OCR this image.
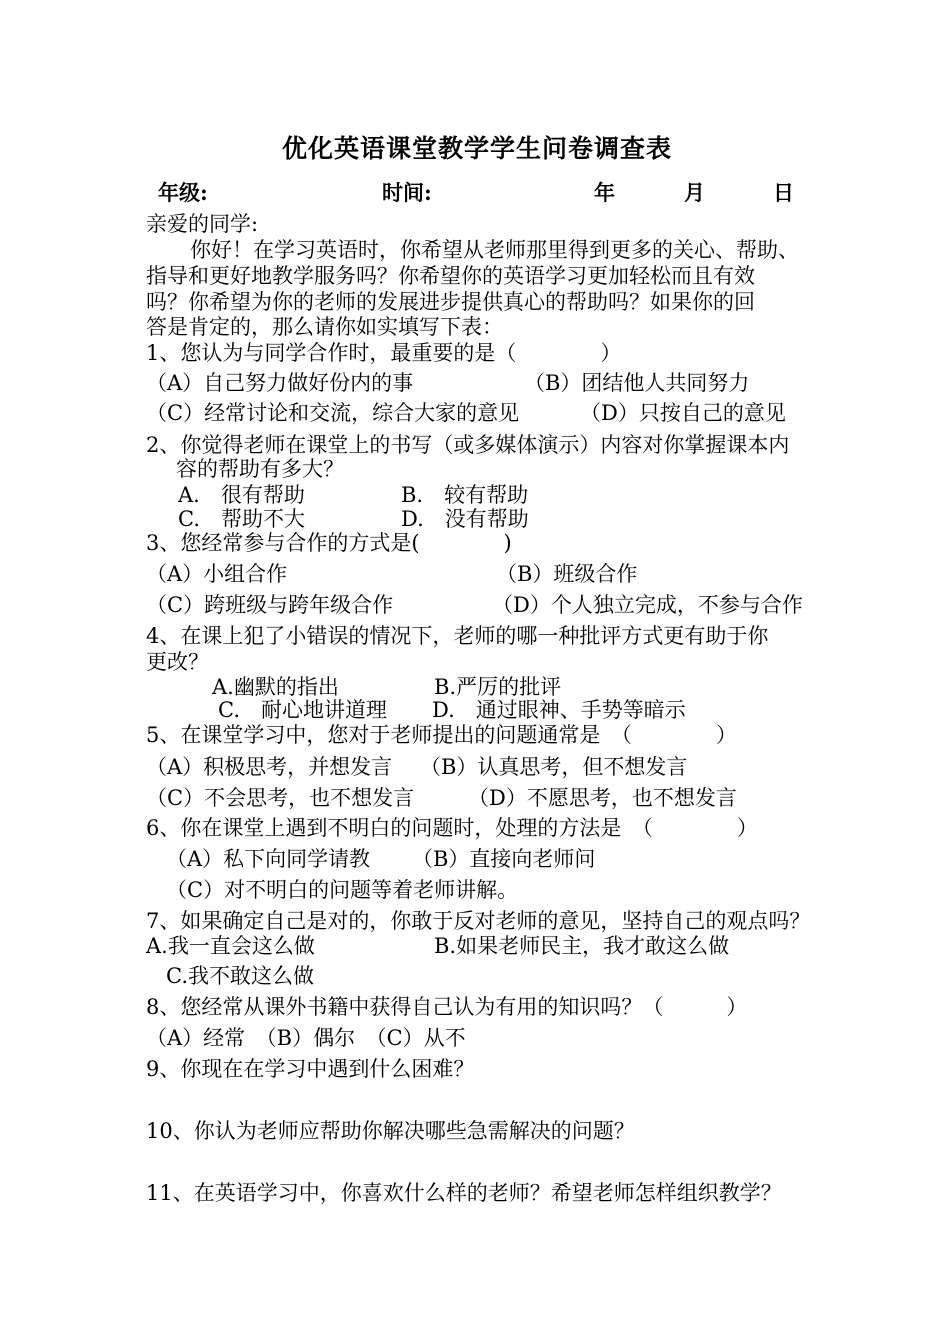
优化英语课堂教学学生问卷调查表
年级:	时间:	年	月	日
亲爱的同学:
你好！在学习英语时，你希望从老师那里得到更多的关心、帮助、
指导和更好地教学服务吗？你希望你的英语学习更加轻松而且有效
吗？你希望为你的老师的发展进步提供真心的帮助吗？如果你的回
答是肯定的，那么请你如实填写下表：
1、您认为与同学合作时，最重要的是（　　　　）
（A）自己努力做好份内的事	（B）团结他人共同努力
（C）经常讨论和交流，综合大家的意见	（D）只按自己的意见
2、你觉得老师在课堂上的书写（或多媒体演示）内容对你掌握课本内
容的帮助有多大？
A.　很有帮助	B.　较有帮助
C.　帮助不大	D.　没有帮助
3、您经常参与合作的方式是(　　　　)
（A）小组合作	（B）班级合作
（C）跨班级与跨年级合作	（D）个人独立完成，不参与合作
4、在课上犯了小错误的情况下，老师的哪一种批评方式更有助于你
更改？
A.幽默的指出	B.严厉的批评
C.　耐心地讲道理 D.　通过眼神、手势等暗示
5、在课堂学习中，您对于老师提出的问题通常是　（　　　　）
（A）积极思考，并想发言 （B）认真思考，但不想发言
（C）不会思考，也不想发言	（D）不愿思考，也不想发言
6、你在课堂上遇到不明白的问题时，处理的方法是　（　　　　）
（A）私下向同学请教 （B）直接向老师问
（C）对不明白的问题等着老师讲解。
7、如果确定自己是对的，你敢于反对老师的意见，坚持自己的观点吗？
A.我一直会这么做	B.如果老师民主，我才敢这么做
C.我不敢这么做
8、您经常从课外书籍中获得自己认为有用的知识吗？（　　　）
（A）经常　（B）偶尔　（C）从不
9、你现在在学习中遇到什么困难？
10、你认为老师应帮助你解决哪些急需解决的问题？
11、在英语学习中，你喜欢什么样的老师？希望老师怎样组织教学？
